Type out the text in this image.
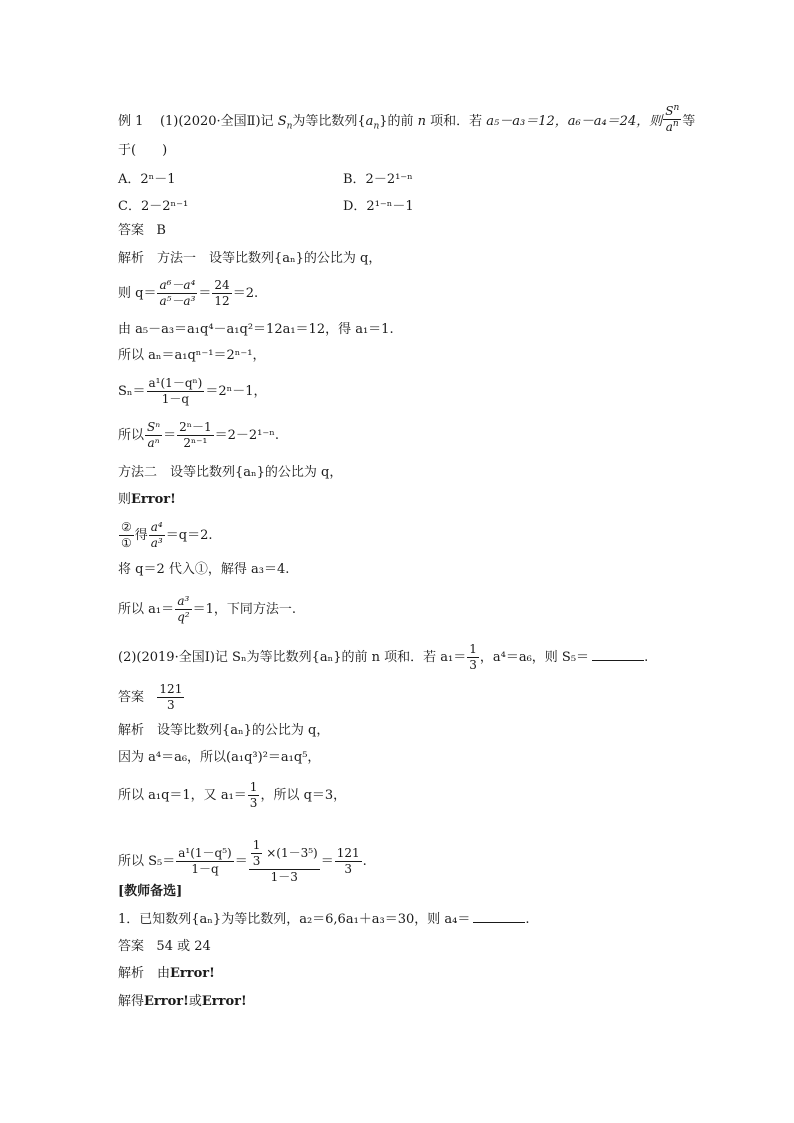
例 1 (1)(2020·全国Ⅱ)记 $S_n$为等比数列$\{a_n\}$的前 n 项和．若 a₅－a₃＝12，a₆－a₄＝24，则 $\frac{S^n}{a^n}$ 等
于(　　)
A．2ⁿ－1	B．2－2¹⁻ⁿ
C．2－2ⁿ⁻¹	D．2¹⁻ⁿ－1
答案 B
解析　方法一　设等比数列{aₙ}的公比为 q，
则 $q= \frac{\text{a⁶－a⁴}}{\text{a⁵－a³}} = \frac{24}{12} =2$.
由 a₅－a₃＝a₁q⁴－a₁q²＝12a₁＝12，得 a₁＝1.
所以 aₙ＝a₁qⁿ⁻¹＝2ⁿ⁻¹，
$S_n= \frac{\text{a¹(1－qⁿ)}}{1-q} =2^n-1$，
所以 $\frac{\text{Sⁿ}}{\text{aⁿ}} = \frac{\text{2ⁿ－1}}{\text{2ⁿ⁻¹}} =2-2^{1-n}$.
方法二　设等比数列{aₙ}的公比为 q，
则Error!
$\frac{\text{②}}{\text{①}}$ 得 $\frac{\text{a⁴}}{\text{a³}} =q=2$.
将 q＝2 代入①，解得 a₃＝4.
所以 $a_1= \frac{\text{a³}}{\text{q²}} =1$，下同方法一.
(2)(2019·全国Ⅰ)记 Sₙ为等比数列{aₙ}的前 n 项和．若 $a_1= \frac{1}{3}$ ，a⁴＝a₆，则 S₅＝	.
答案 $\frac{121}{3}$
解析　设等比数列{aₙ}的公比为 q，
因为 a⁴＝a₆，所以(a₁q³)²＝a₁q⁵，
所以 a₁q＝1，又 $a_1= \frac{1}{3}$ ，所以 q＝3，
所以 $S_5= \frac{\text{a¹(1－q⁵)}}{1-q} = \frac{\frac{1}{3} \times(1-3^5)}{1-3} = \frac{121}{3}$ .
[教师备选]
1．已知数列{aₙ}为等比数列，a₂＝6,6a₁＋a₃＝30，则 a₄＝	.
答案 54 或 24
解析　由Error!
解得Error!或Error!
